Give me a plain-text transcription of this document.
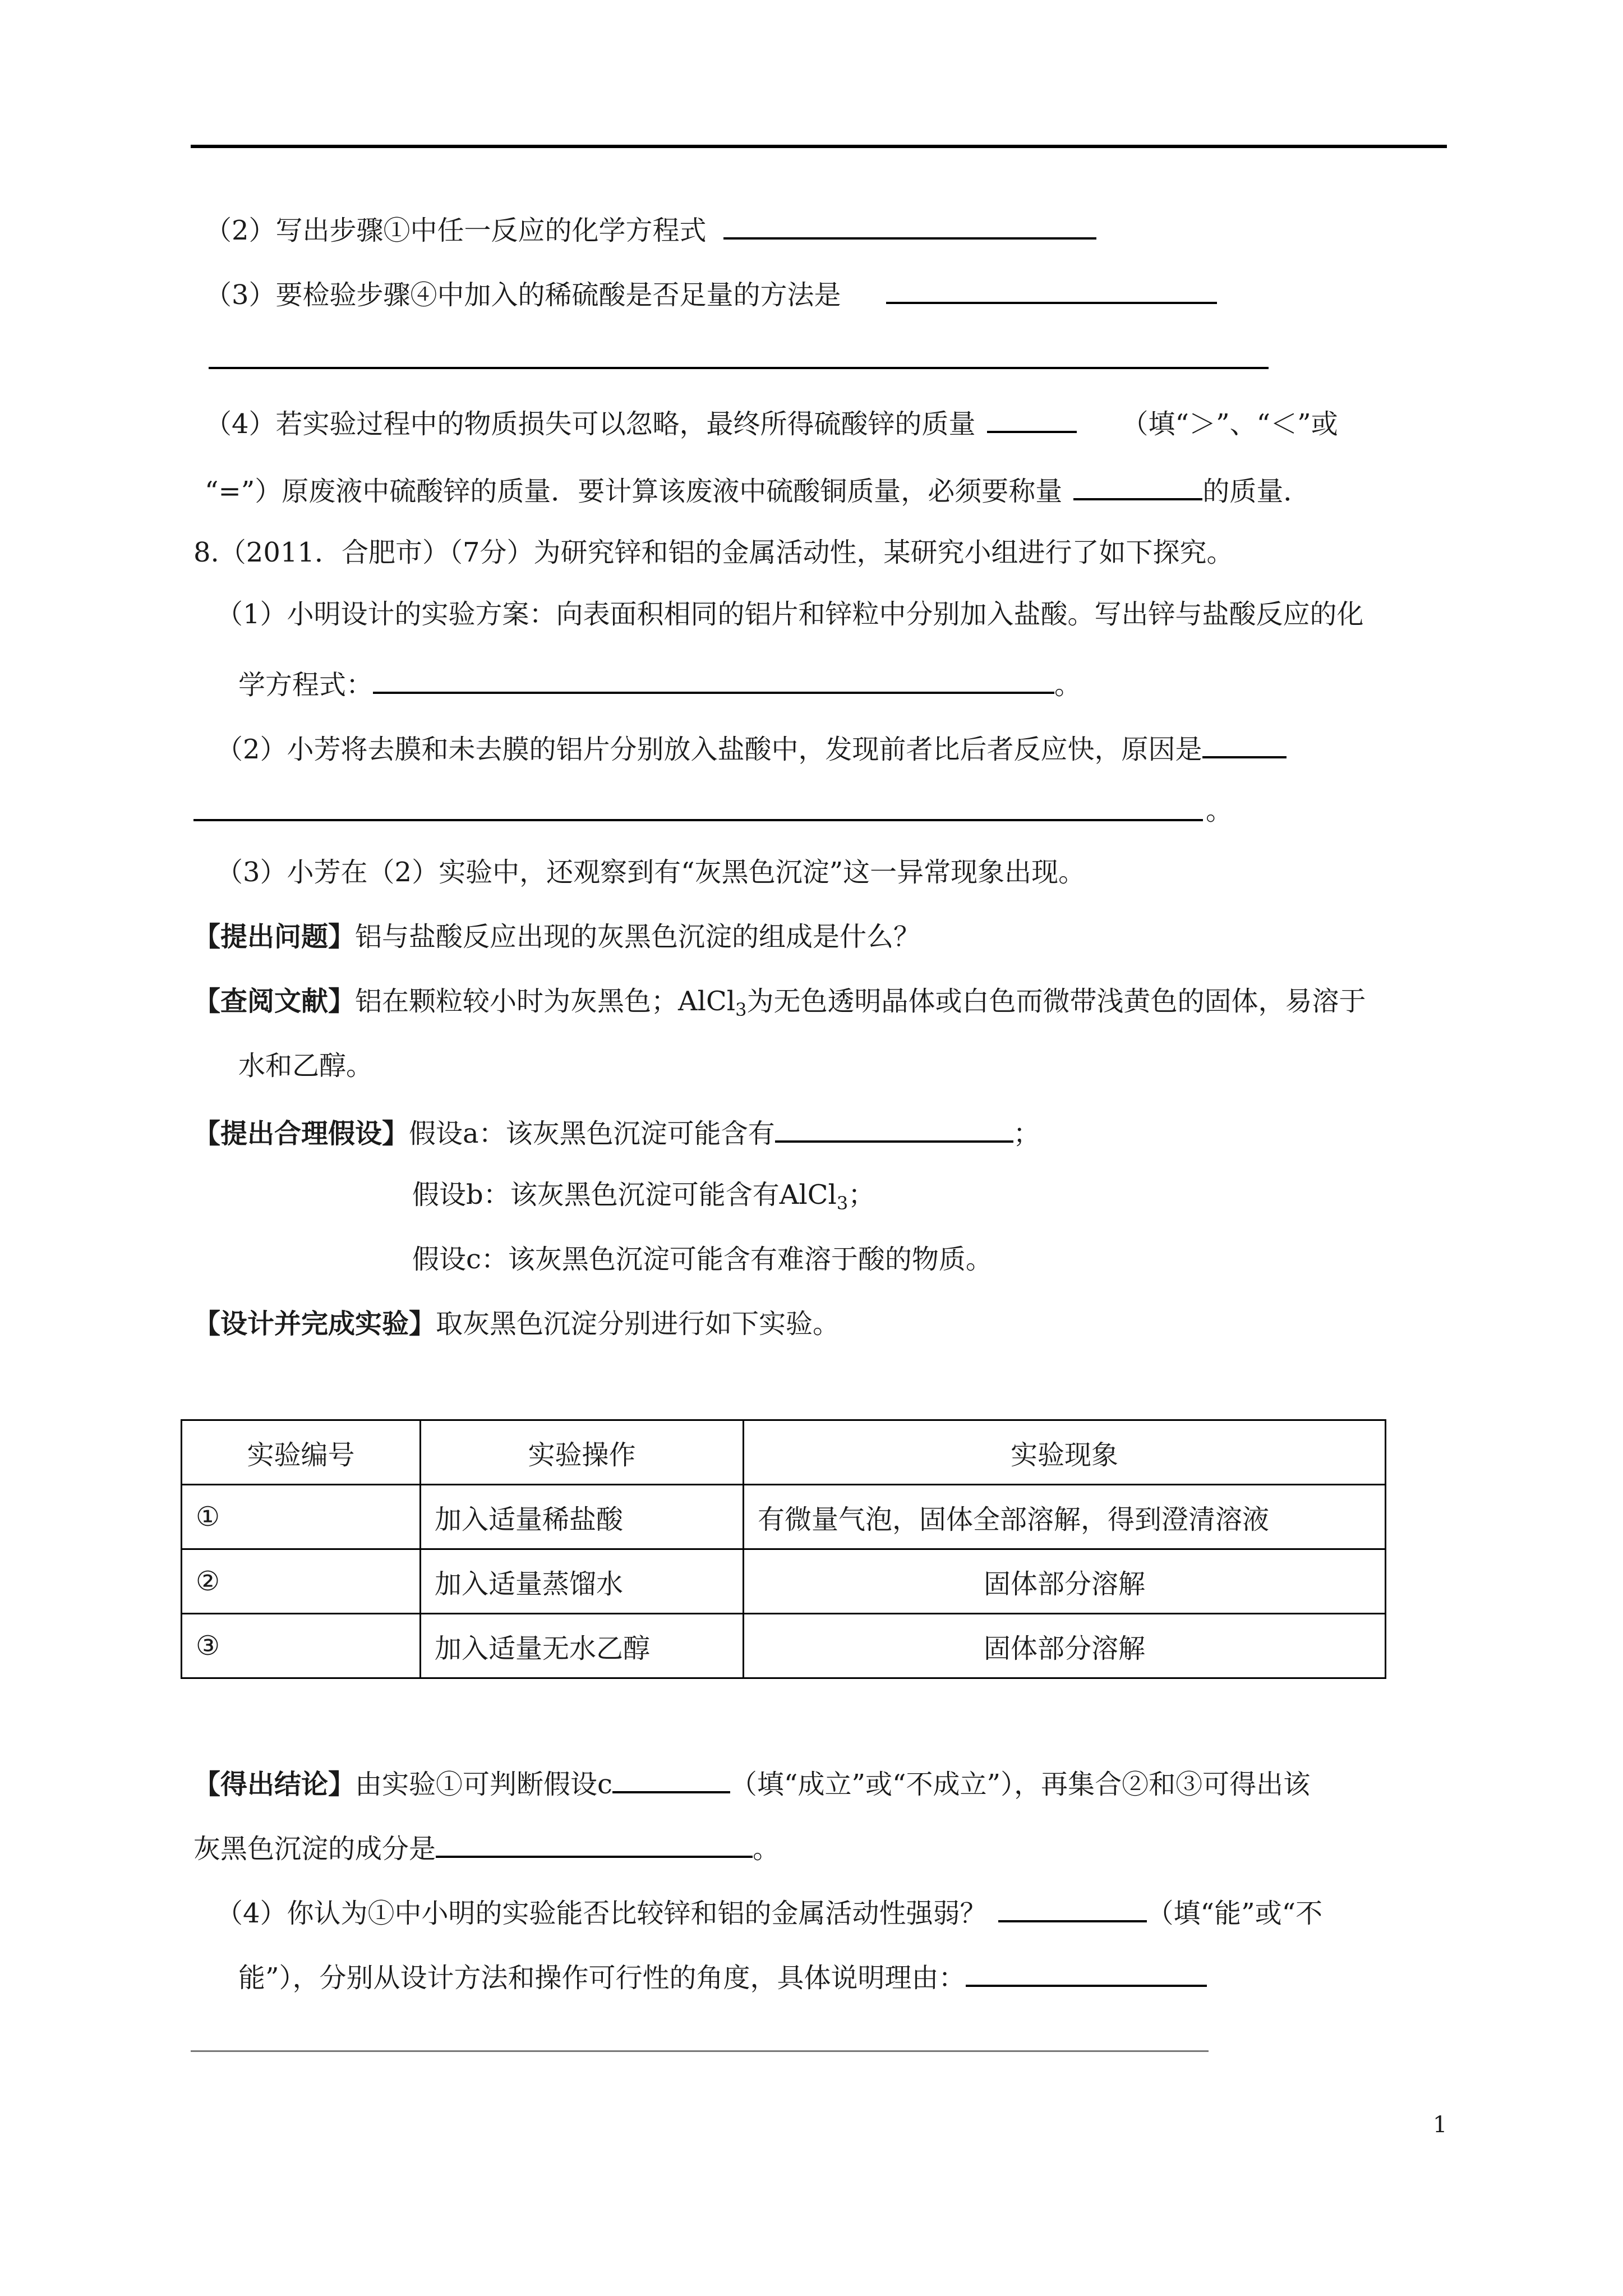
（2）写出步骤①中任一反应的化学方程式
（3）要检验步骤④中加入的稀硫酸是否足量的方法是
（4）若实验过程中的物质损失可以忽略，最终所得硫酸锌的质量	（填“＞”、“＜”或
“=”）原废液中硫酸锌的质量．要计算该废液中硫酸铜质量，必须要称量	的质量．
8.（2011．合肥市）（7分）为研究锌和铝的金属活动性，某研究小组进行了如下探究。
（1）小明设计的实验方案：向表面积相同的铝片和锌粒中分别加入盐酸。写出锌与盐酸反应的化
学方程式：	。
（2）小芳将去膜和未去膜的铝片分别放入盐酸中，发现前者比后者反应快，原因是
。
（3）小芳在（2）实验中，还观察到有“灰黑色沉淀”这一异常现象出现。
【提出问题】铝与盐酸反应出现的灰黑色沉淀的组成是什么？
【查阅文献】铝在颗粒较小时为灰黑色；AlCl$_3$为无色透明晶体或白色而微带浅黄色的固体，易溶于
水和乙醇。
【提出合理假设】假设a：该灰黑色沉淀可能含有	；
假设b：该灰黑色沉淀可能含有AlCl$_3$；
假设c：该灰黑色沉淀可能含有难溶于酸的物质。
【设计并完成实验】取灰黑色沉淀分别进行如下实验。
实验编号	实验操作	实验现象
①	加入适量稀盐酸	有微量气泡，固体全部溶解，得到澄清溶液
②	加入适量蒸馏水	固体部分溶解
③	加入适量无水乙醇	固体部分溶解
【得出结论】由实验①可判断假设c	（填“成立”或“不成立”），再集合②和③可得出该
灰黑色沉淀的成分是	。
（4）你认为①中小明的实验能否比较锌和铝的金属活动性强弱？	（填“能”或“不
能”），分别从设计方法和操作可行性的角度，具体说明理由：
1
